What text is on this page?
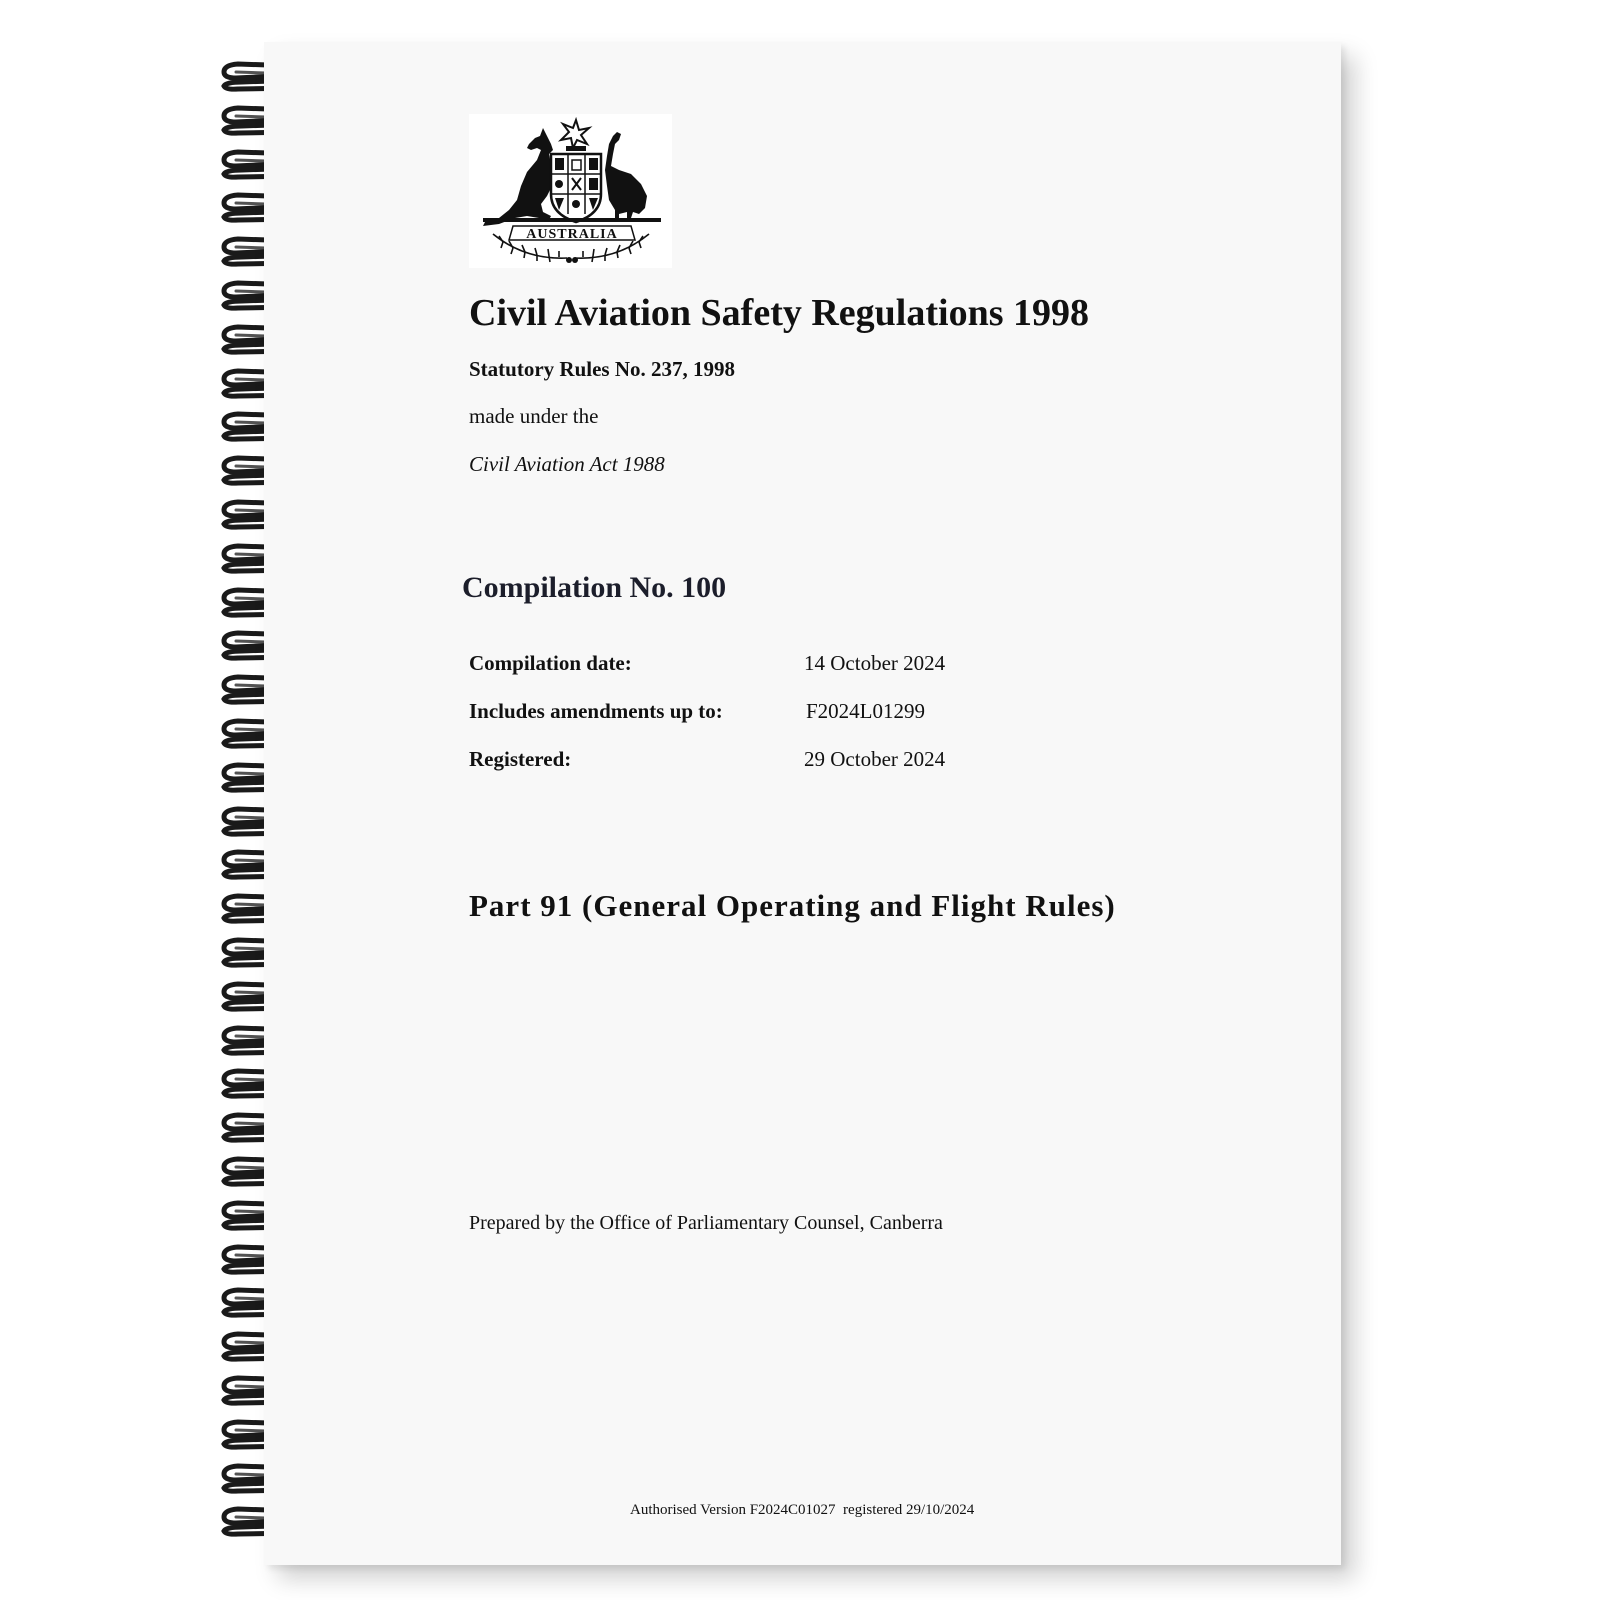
AUSTRALIA
Civil Aviation Safety Regulations 1998

Statutory Rules No. 237, 1998

made under the

Civil Aviation Act 1988

Compilation No. 100

Compilation date:	14 October 2024

Includes amendments up to:	F2024L01299

Registered:	29 October 2024

Part 91 (General Operating and Flight Rules)

Prepared by the Office of Parliamentary Counsel, Canberra

Authorised Version F2024C01027  registered 29/10/2024
